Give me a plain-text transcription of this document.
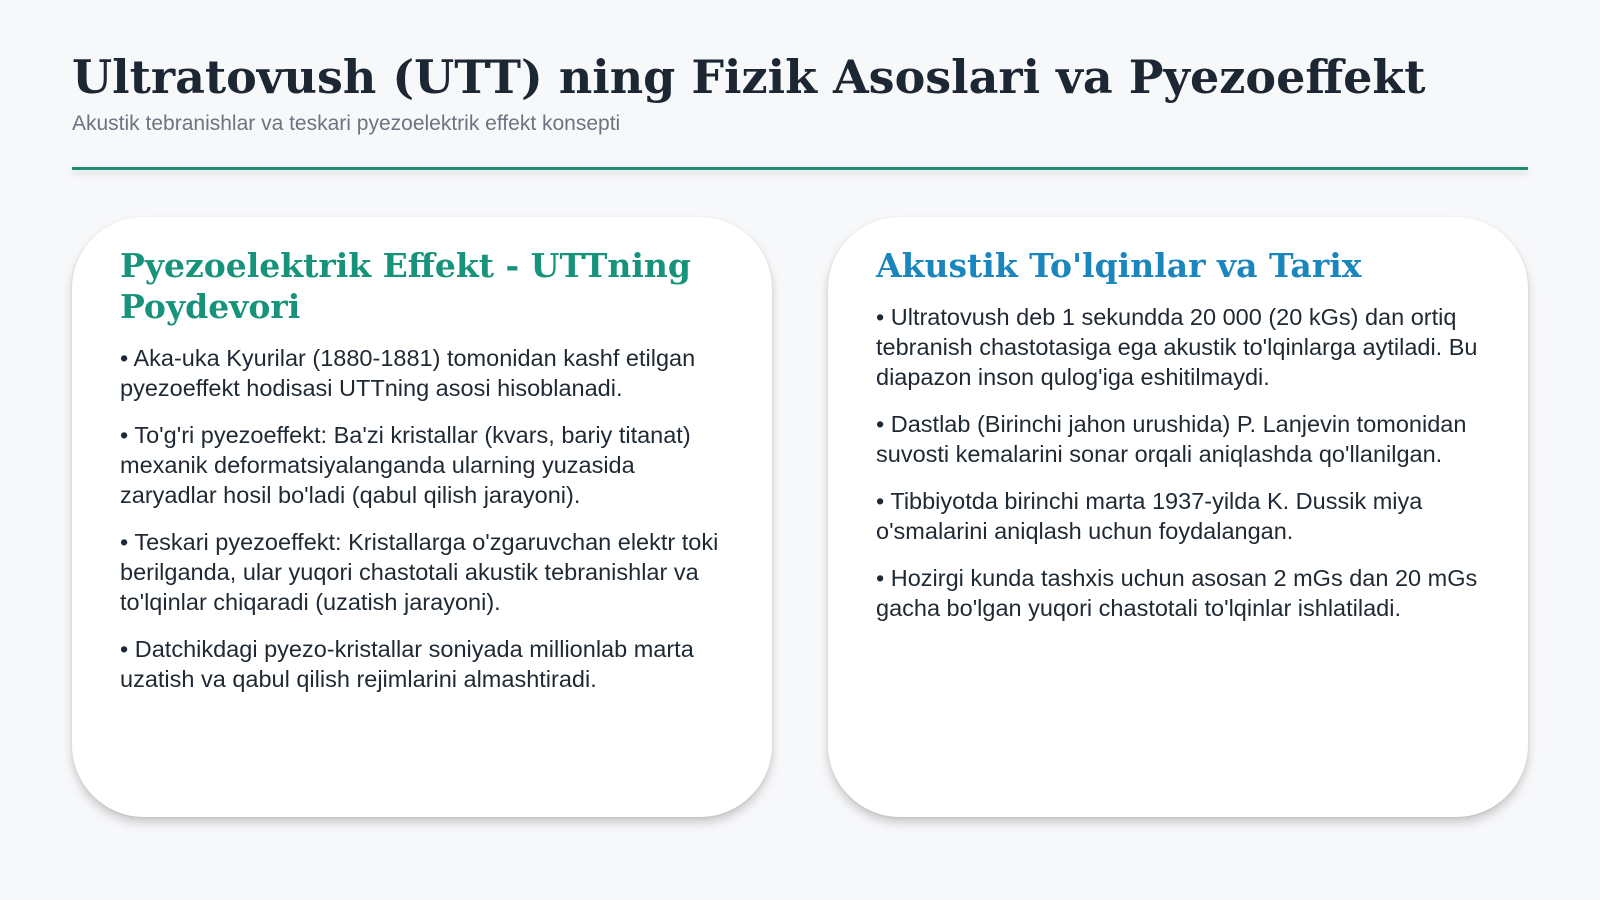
Ultratovush (UTT) ning Fizik Asoslari va Pyezoeffekt

Akustik tebranishlar va teskari pyezoelektrik effekt konsepti

Pyezoelektrik Effekt - UTTning Poydevori
• Aka-uka Kyurilar (1880-1881) tomonidan kashf etilgan pyezoeffekt hodisasi UTTning asosi hisoblanadi.
• To'g'ri pyezoeffekt: Ba'zi kristallar (kvars, bariy titanat) mexanik deformatsiyalanganda ularning yuzasida zaryadlar hosil bo'ladi (qabul qilish jarayoni).
• Teskari pyezoeffekt: Kristallarga o'zgaruvchan elektr toki berilganda, ular yuqori chastotali akustik tebranishlar va to'lqinlar chiqaradi (uzatish jarayoni).
• Datchikdagi pyezo-kristallar soniyada millionlab marta uzatish va qabul qilish rejimlarini almashtiradi.
Akustik To'lqinlar va Tarix
• Ultratovush deb 1 sekundda 20 000 (20 kGs) dan ortiq tebranish chastotasiga ega akustik to'lqinlarga aytiladi. Bu diapazon inson qulog'iga eshitilmaydi.
• Dastlab (Birinchi jahon urushida) P. Lanjevin tomonidan suvosti kemalarini sonar orqali aniqlashda qo'llanilgan.
• Tibbiyotda birinchi marta 1937-yilda K. Dussik miya o'smalarini aniqlash uchun foydalangan.
• Hozirgi kunda tashxis uchun asosan 2 mGs dan 20 mGs gacha bo'lgan yuqori chastotali to'lqinlar ishlatiladi.
